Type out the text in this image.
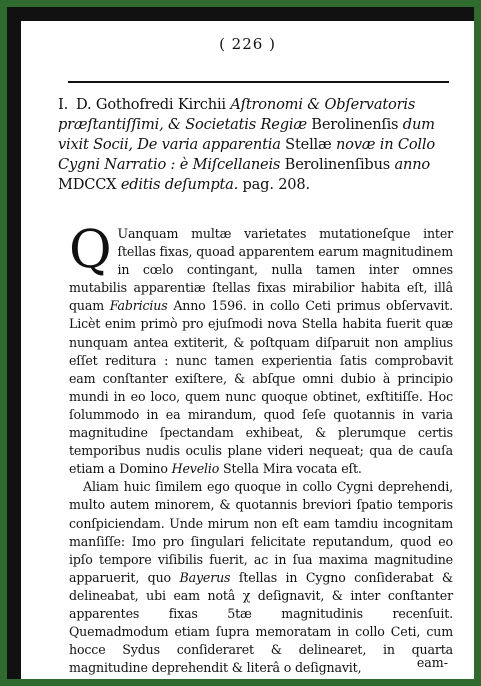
( 226 )
I. D. Gothofredi Kirchii Aſtronomi & Obſervatoris præſtantiſſimi, & Societatis Regiæ Berolinenſis dum vixit Socii, De varia apparentia Stellæ novæ in Collo Cygni Narratio : è Miſcellaneis Berolinenſibus anno MDCCX editis deſumpta. pag. 208.

Q Uanquam multæ varietates mutationeſque inter ſtellas fixas, quoad apparentem earum magnitudinem in cœlo contingant, nulla tamen inter omnes mutabilis apparentiæ ſtellas fixas mirabilior habita eſt, illâ quam Fabricius Anno 1596. in collo Ceti primus obſervavit. Licèt enim primò pro ejuſmodi nova Stella habita fuerit quæ nunquam antea extiterit, & poſtquam diſparuit non amplius eſſet reditura : nunc tamen experientia ſatis comprobavit eam conſtanter exiſtere, & abſque omni dubio à principio mundi in eo loco, quem nunc quoque obtinet, exſtitiſſe. Hoc ſolummodo in ea mirandum, quod ſeſe quotannis in varia magnitudine ſpectandam exhibeat, & plerumque certis temporibus nudis oculis plane videri nequeat; qua de cauſa etiam a Domino Hevelio Stella Mira vocata eſt.

Aliam huic ſimilem ego quoque in collo Cygni deprehendi, multo autem minorem, & quotannis breviori ſpatio temporis conſpiciendam. Unde mirum non eſt eam tamdiu incognitam manſiſſe: Imo pro ſingulari felicitate reputandum, quod eo ipſo tempore viſibilis fuerit, ac in ſua maxima magnitudine apparuerit, quo Bayerus ſtellas in Cygno conſiderabat & delineabat, ubi eam notâ χ deſignavit, & inter conſtanter apparentes fixas 5tæ magnitudinis recenſuit. Quemadmodum etiam ſupra memoratam in collo Ceti, cum hocce Sydus conſideraret & delinearet, in quarta magnitudine deprehendit & literâ ο deſignavit,	eam-
